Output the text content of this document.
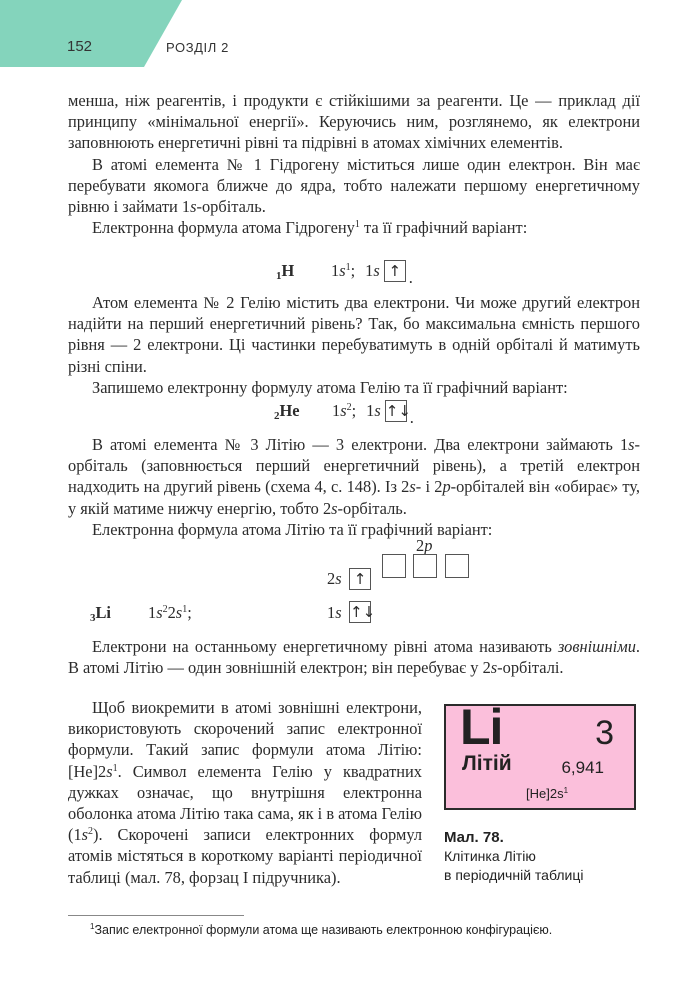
152	РОЗДІЛ 2

менша, ніж реагентів, і продукти є стійкішими за реагенти. Це — приклад дії принципу «мінімальної енергії». Керуючись ним, розглянемо, як електрони заповнюють енергетичні рівні та підрівні в атомах хімічних елементів.

В атомі елемента № 1 Гідрогену міститься лише один електрон. Він має перебувати якомога ближче до ядра, тобто належати першому енергетичному рівню і займати 1s-орбіталь.

Електронна формула атома Гідрогену$^1$ та її графічний варіант:

$_1$H	$1s^1$; 1s ↑ .

Атом елемента № 2 Гелію містить два електрони. Чи може другий електрон надійти на перший енергетичний рівень? Так, бо максимальна ємність першого рівня — 2 електрони. Ці частинки перебуватимуть в одній орбіталі й матимуть різні спіни.

Запишемо електронну формулу атома Гелію та її графічний варіант:

$_2$He	$1s^2$; 1s ↑↓
.

В атомі елемента № 3 Літію — 3 електрони. Два електрони займають 1s-орбіталь (заповнюється перший енергетичний рівень), а третій електрон надходить на другий рівень (схема 4, с. 148). Із 2s- і 2p-орбіталей він «обирає» ту, у якій матиме нижчу енергію, тобто 2s-орбіталь.

Електронна формула атома Літію та її графічний варіант:

$_3$Li	$1s^22s^1$;
2 p
2 s ↑
1 s ↑↓

Електрони на останньому енергетичному рівні атома називають зовнішніми. В атомі Літію — один зовнішній електрон; він перебуває у 2s-орбіталі.

Щоб виокремити в атомі зовнішні електрони, використовують скорочений запис електронної формули. Такий запис формули атома Літію: $[He]2s^1$. Символ елемента Гелію у квадратних дужках означає, що внутрішня електронна оболонка атома Літію така сама, як і в атома Гелію $(1s^2)$. Скорочені записи електронних формул атомів містяться в короткому варіанті періодичної таблиці (мал. 78, форзац І підручника).

Li
Літій
3
6,941
$[He]2s^1$
Мал. 78.
Клітинка Літію
в періодичній таблиці
$^1$Запис електронної формули атома ще називають електронною конфігурацією.
